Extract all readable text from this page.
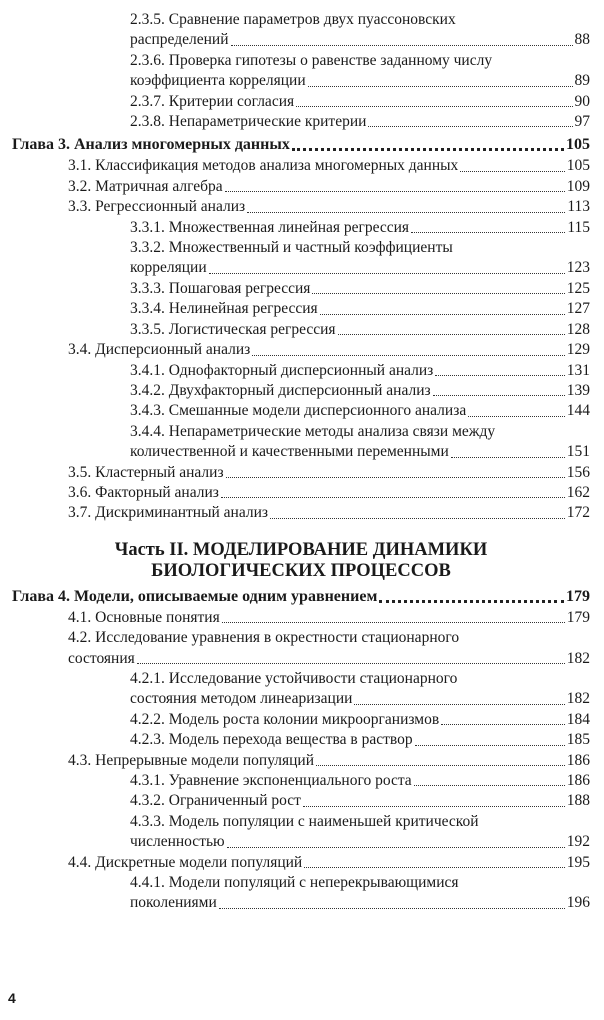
2.3.5. Сравнение параметров двух пуассоновских
распределений	88
2.3.6. Проверка гипотезы о равенстве заданному числу
коэффициента корреляции	89
2.3.7. Критерии согласия	90
2.3.8. Непараметрические критерии	97
Глава 3. Анализ многомерных данных	105
3.1. Классификация методов анализа многомерных данных	105
3.2. Матричная алгебра	109
3.3. Регрессионный анализ	113
3.3.1. Множественная линейная регрессия	115
3.3.2. Множественный и частный коэффициенты
корреляции	123
3.3.3. Пошаговая регрессия	125
3.3.4. Нелинейная регрессия	127
3.3.5. Логистическая регрессия	128
3.4. Дисперсионный анализ	129
3.4.1. Однофакторный дисперсионный анализ	131
3.4.2. Двухфакторный дисперсионный анализ	139
3.4.3. Смешанные модели дисперсионного анализа	144
3.4.4. Непараметрические методы анализа связи между
количественной и качественными переменными	151
3.5. Кластерный анализ	156
3.6. Факторный анализ	162
3.7. Дискриминантный анализ	172
Часть II. МОДЕЛИРОВАНИЕ ДИНАМИКИ
БИОЛОГИЧЕСКИХ ПРОЦЕССОВ
Глава 4. Модели, описываемые одним уравнением	179
4.1. Основные понятия	179
4.2. Исследование уравнения в окрестности стационарного
состояния	182
4.2.1. Исследование устойчивости стационарного
состояния методом линеаризации	182
4.2.2. Модель роста колонии микроорганизмов	184
4.2.3. Модель перехода вещества в раствор	185
4.3. Непрерывные модели популяций	186
4.3.1. Уравнение экспоненциального роста	186
4.3.2. Ограниченный рост	188
4.3.3. Модель популяции с наименьшей критической
численностью	192
4.4. Дискретные модели популяций	195
4.4.1. Модели популяций с неперекрывающимися
поколениями	196
4
